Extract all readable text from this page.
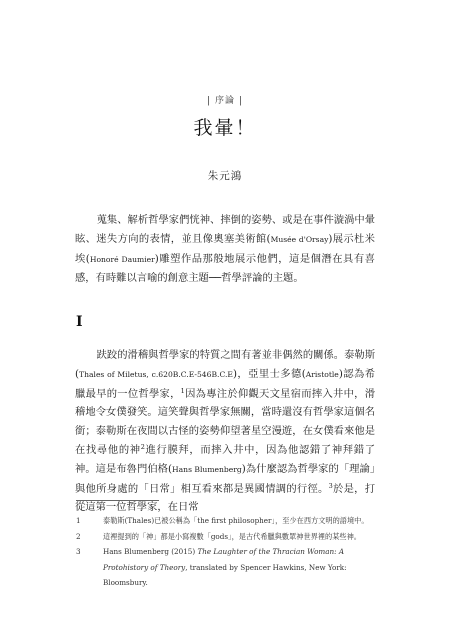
| 序論 |
我暈！
朱元鴻

蒐集、解析哲學家們恍神、摔倒的姿勢、或是在事件漩渦中暈眩、迷失方向的表情，並且像奧塞美術館(Musée d'Orsay)展示杜米埃(Honoré Daumier)雕塑作品那般地展示他們，這是個潛在具有喜感，有時難以言喻的創意主題──哲學評論的主題。

I

趺跤的滑稽與哲學家的特質之間有著並非偶然的關係。泰勒斯(Thales of Miletus, c.620B.C.E-546B.C.E)，亞里士多德(Aristotle)認為希臘最早的一位哲學家，$^1$因為專注於仰觀天文星宿而摔入井中，滑稽地令女僕發笑。這笑聲與哲學家無關，當時還沒有哲學家這個名銜；泰勒斯在夜間以古怪的姿勢仰望著星空漫遊，在女僕看來他是在找尋他的神$^2$進行膜拜，而摔入井中，因為他認錯了神拜錯了神。這是布魯門伯格(Hans Blumenberg)為什麼認為哲學家的「理論」與他所身處的「日常」相互看來都是異國情調的行徑。$^3$於是，打從這第一位哲學家，在日常

1	泰勒斯(Thales)已被公稱為「the first philosopher」，至少在西方文明的語境中。
2	這裡提到的「神」都是小寫複數「gods」，是古代希臘與數眾神世界裡的某些神。
3	Hans Blumenberg (2015) The Laughter of the Thracian Woman: A Protohistory of Theory, translated by Spencer Hawkins, New York: Bloomsbury.
